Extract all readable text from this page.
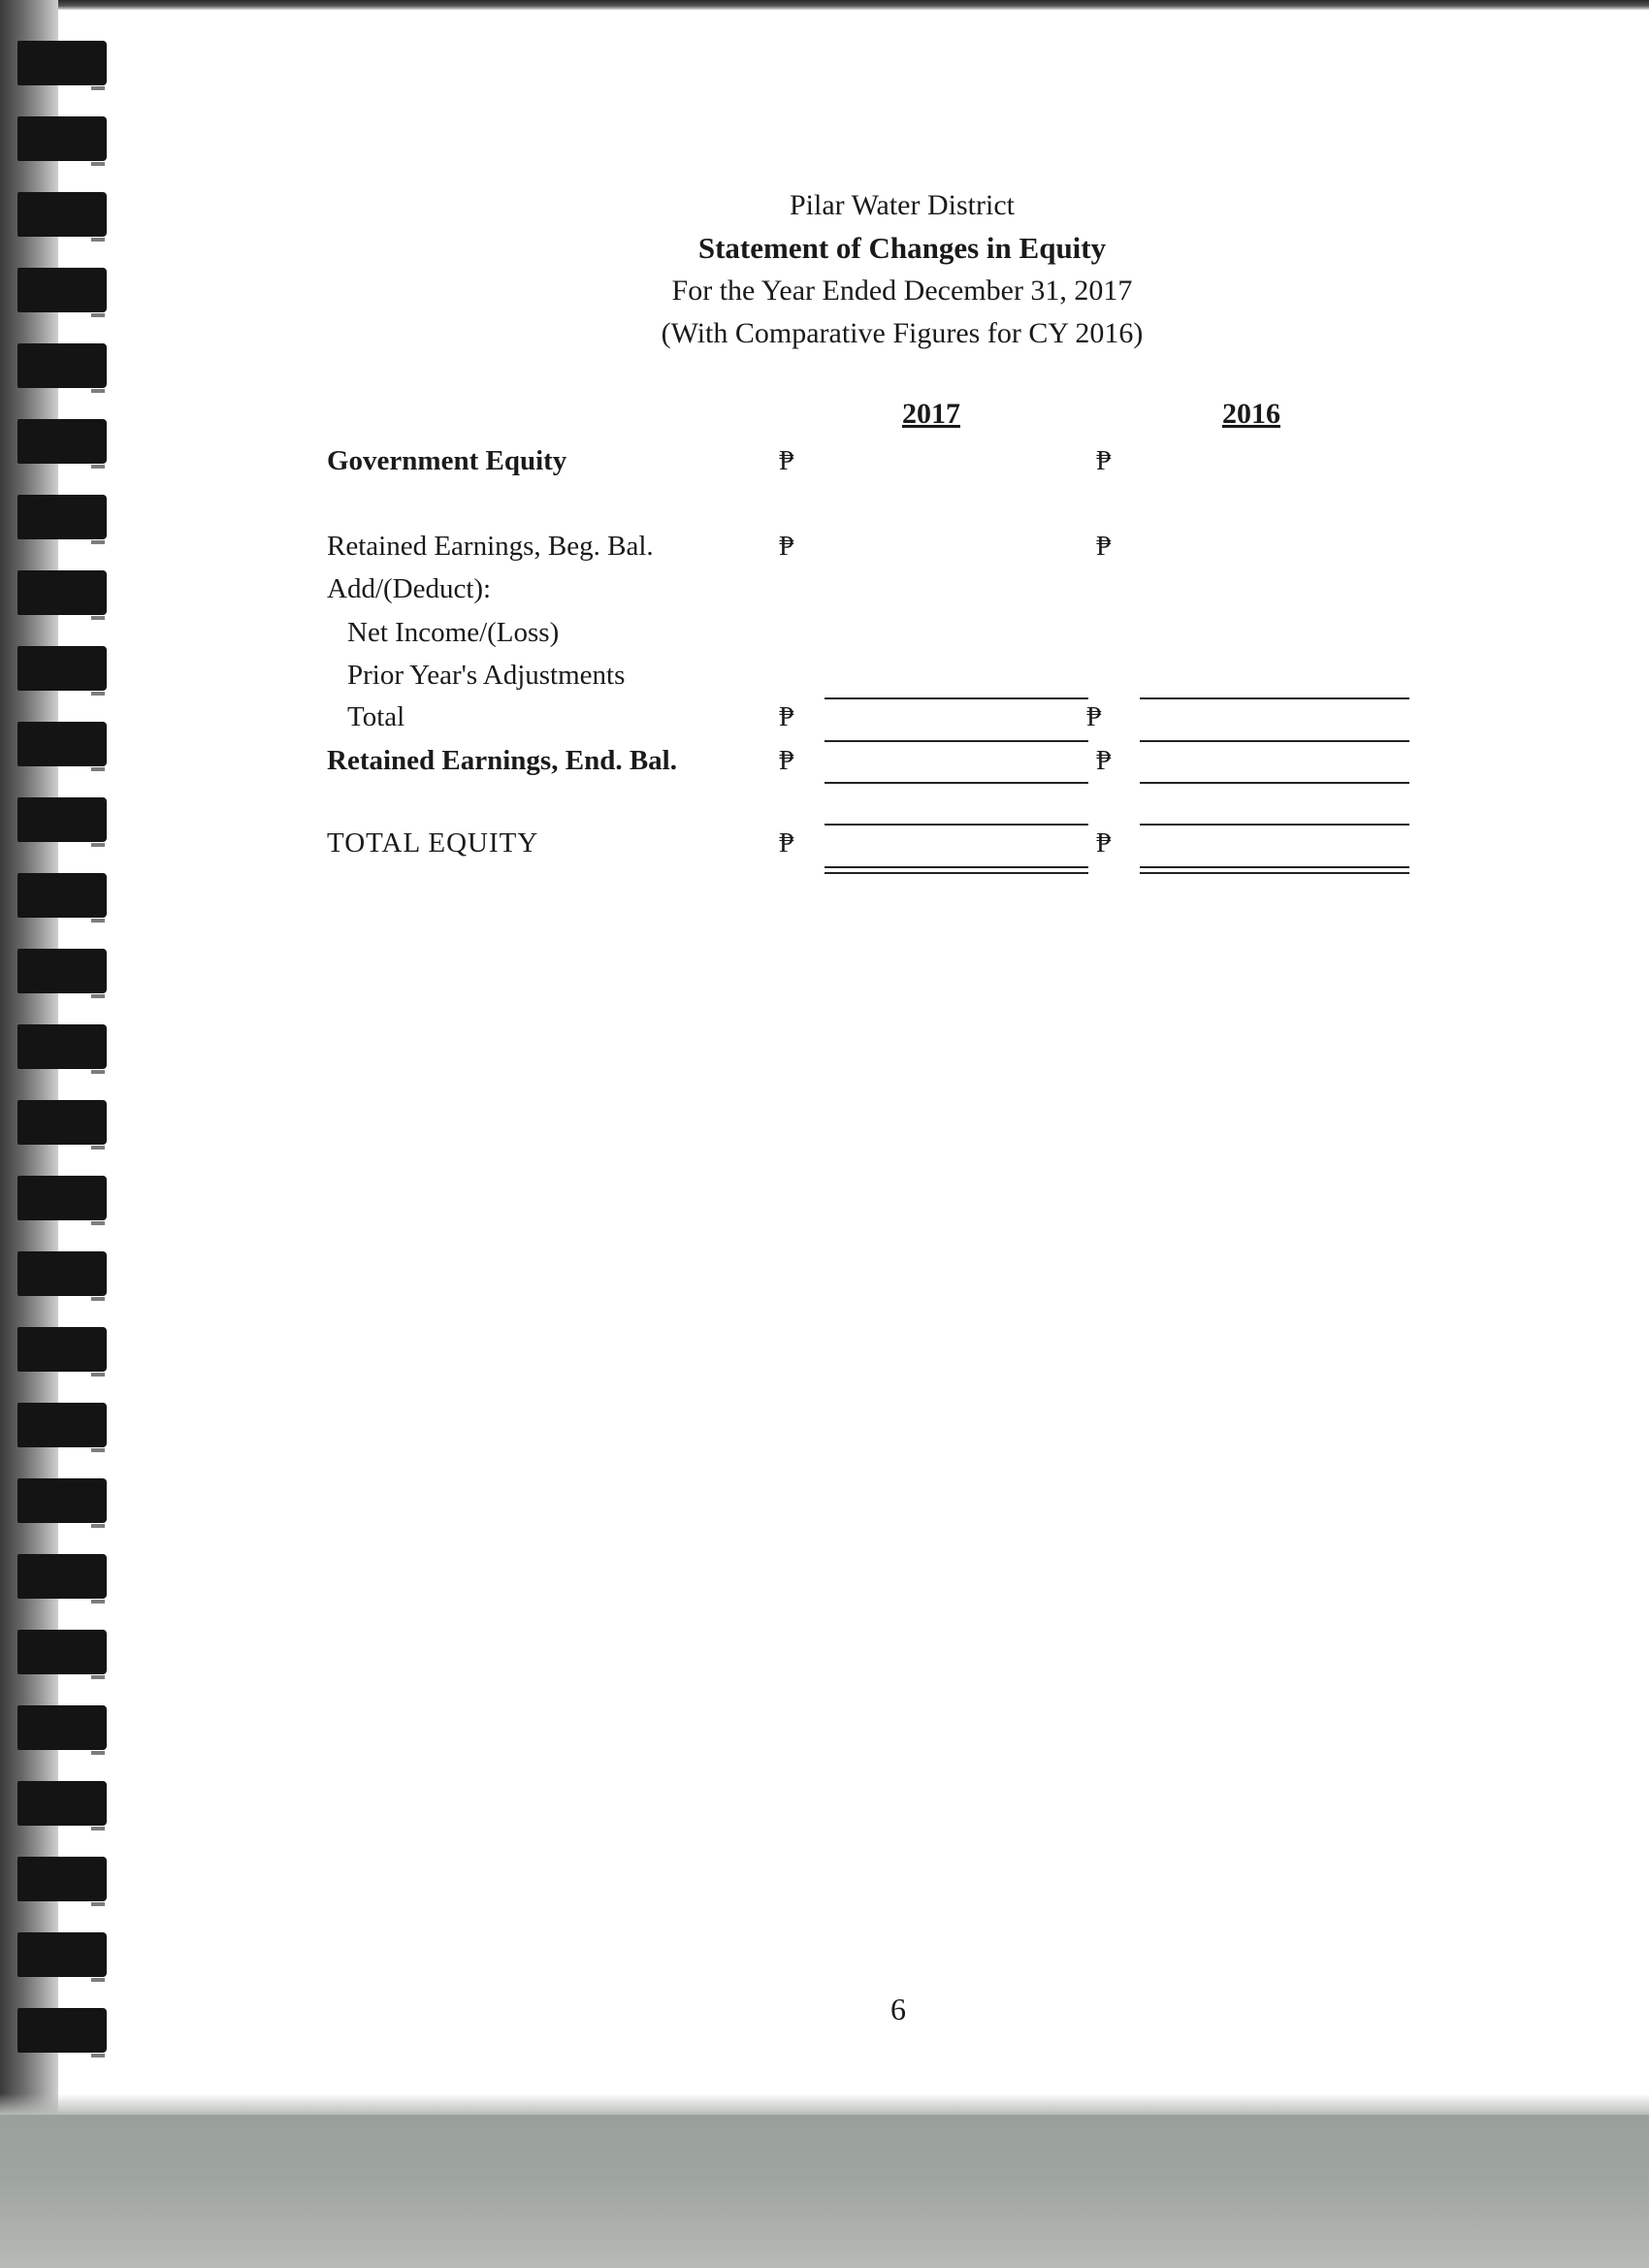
Pilar Water District
Statement of Changes in Equity
For the Year Ended December 31, 2017
(With Comparative Figures for CY 2016)
2017	2016
Government Equity	₱	₱
Retained Earnings, Beg. Bal.	₱	₱
Add/(Deduct):
Net Income/(Loss)
Prior Year's Adjustments
Total	₱	₱
Retained Earnings, End. Bal.	₱	₱
TOTAL EQUITY	₱	₱
6
